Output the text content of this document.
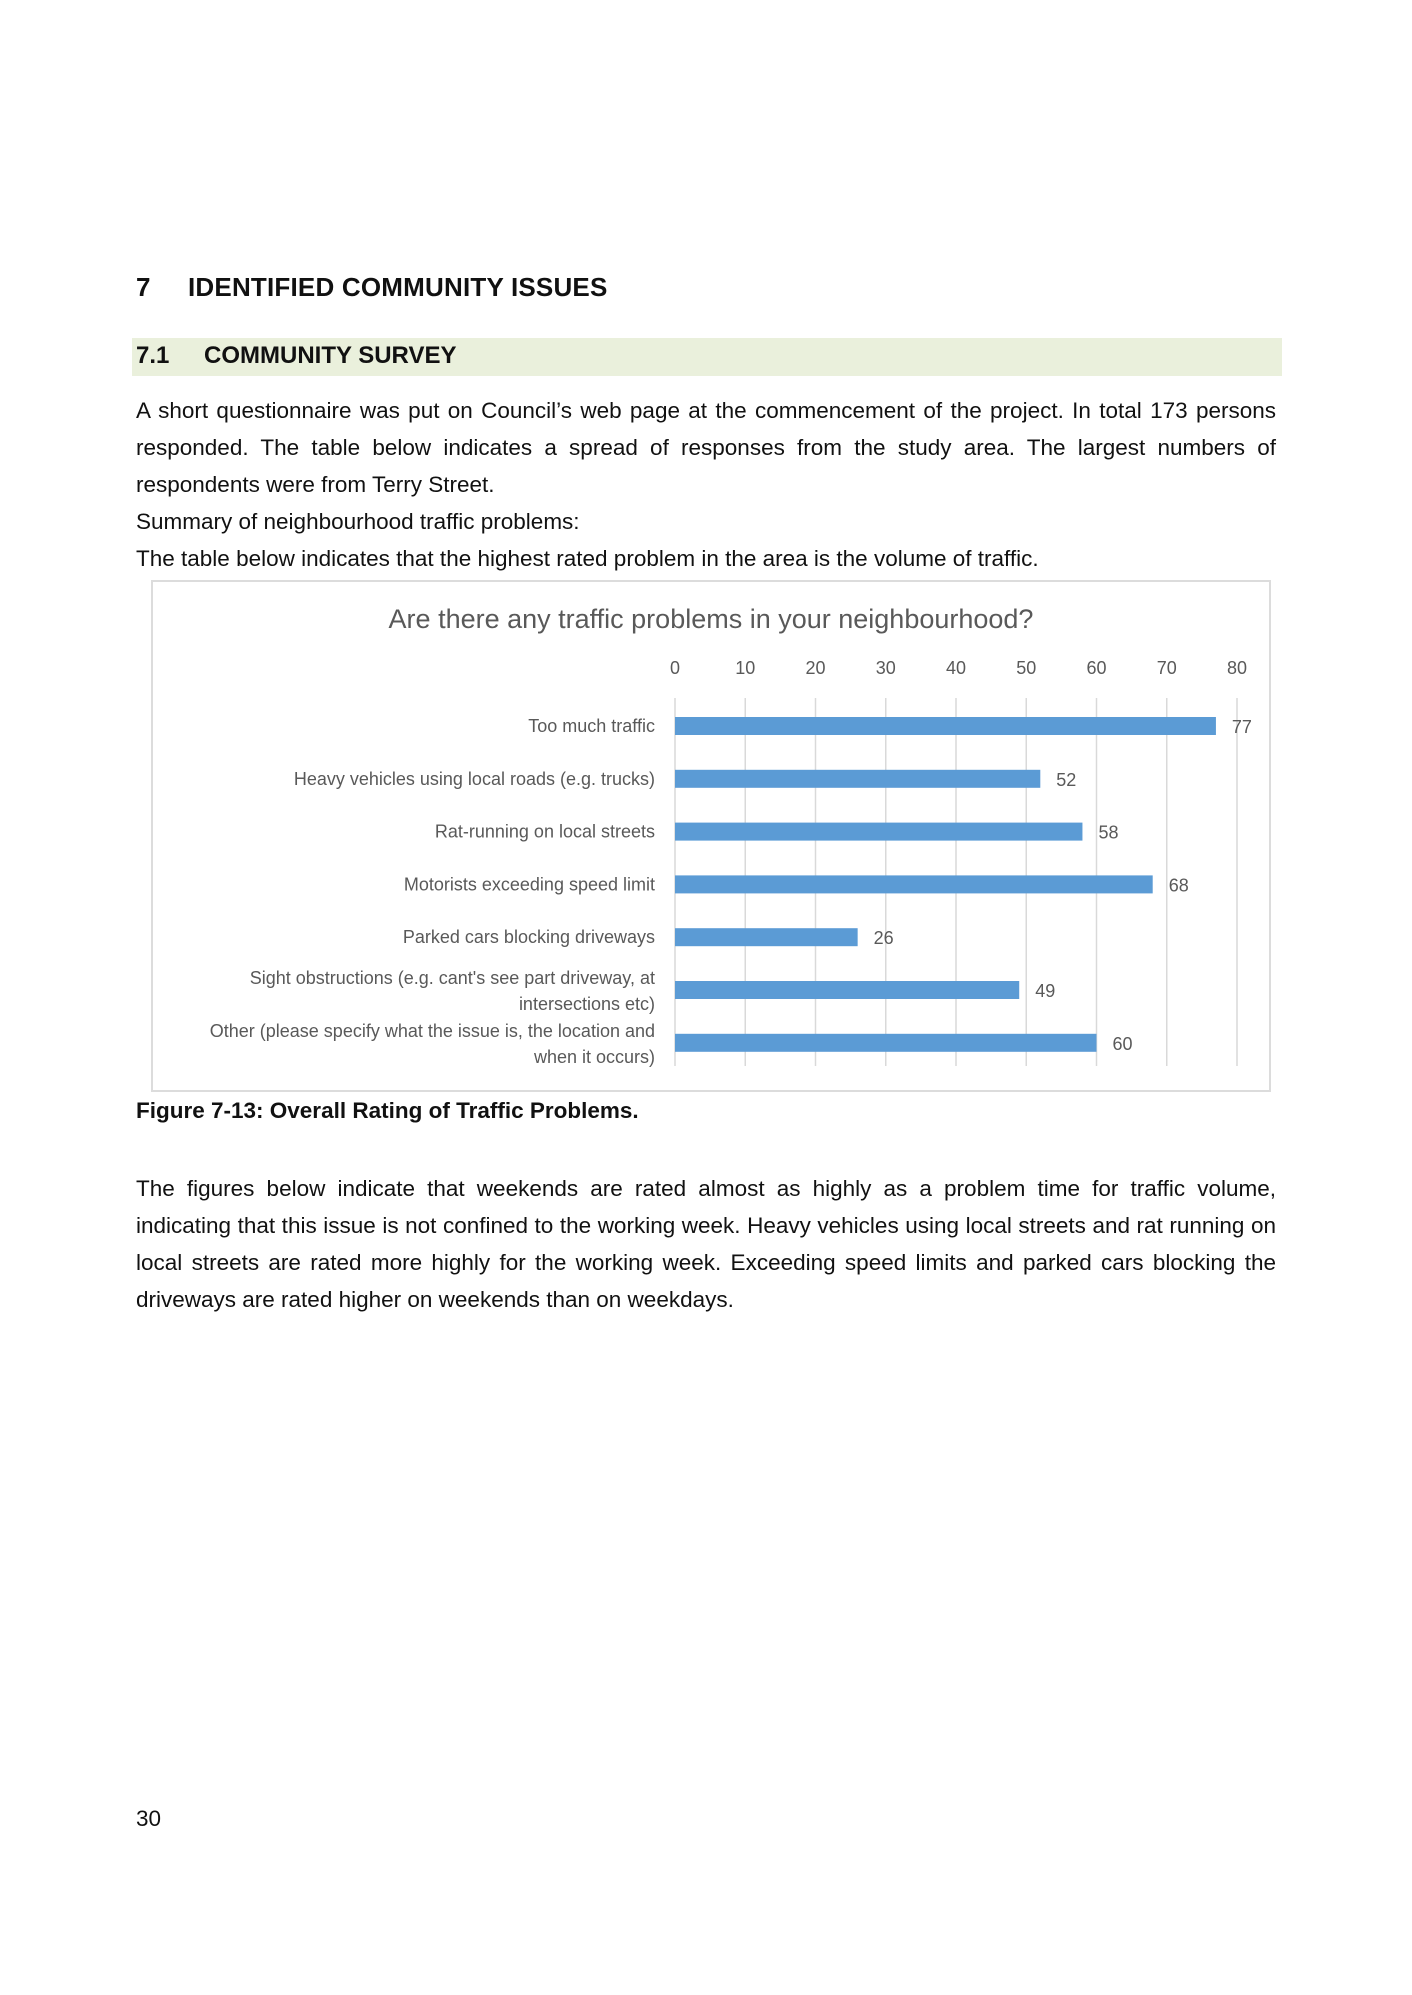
7 IDENTIFIED COMMUNITY ISSUES
7.1 COMMUNITY SURVEY
A short questionnaire was put on Council’s web page at the commencement of the project. In total 173 persons responded. The table below indicates a spread of responses from the study area. The largest numbers of respondents were from Terry Street.
Summary of neighbourhood traffic problems:
The table below indicates that the highest rated problem in the area is the volume of traffic.
Are there any traffic problems in your neighbourhood?
0	10	20	30	40	50	60	70	80
Too much traffic	77
Heavy vehicles using local roads (e.g. trucks)	52
Rat-running on local streets	58
Motorists exceeding speed limit	68
Parked cars blocking driveways	26
Sight obstructions (e.g. cant's see part driveway, at
intersections etc)
49
Other (please specify what the issue is, the location and
when it occurs)
60
Figure 7-13: Overall Rating of Traffic Problems.
The figures below indicate that weekends are rated almost as highly as a problem time for traffic volume, indicating that this issue is not confined to the working week. Heavy vehicles using local streets and rat running on local streets are rated more highly for the working week. Exceeding speed limits and parked cars blocking the driveways are rated higher on weekends than on weekdays.
30
